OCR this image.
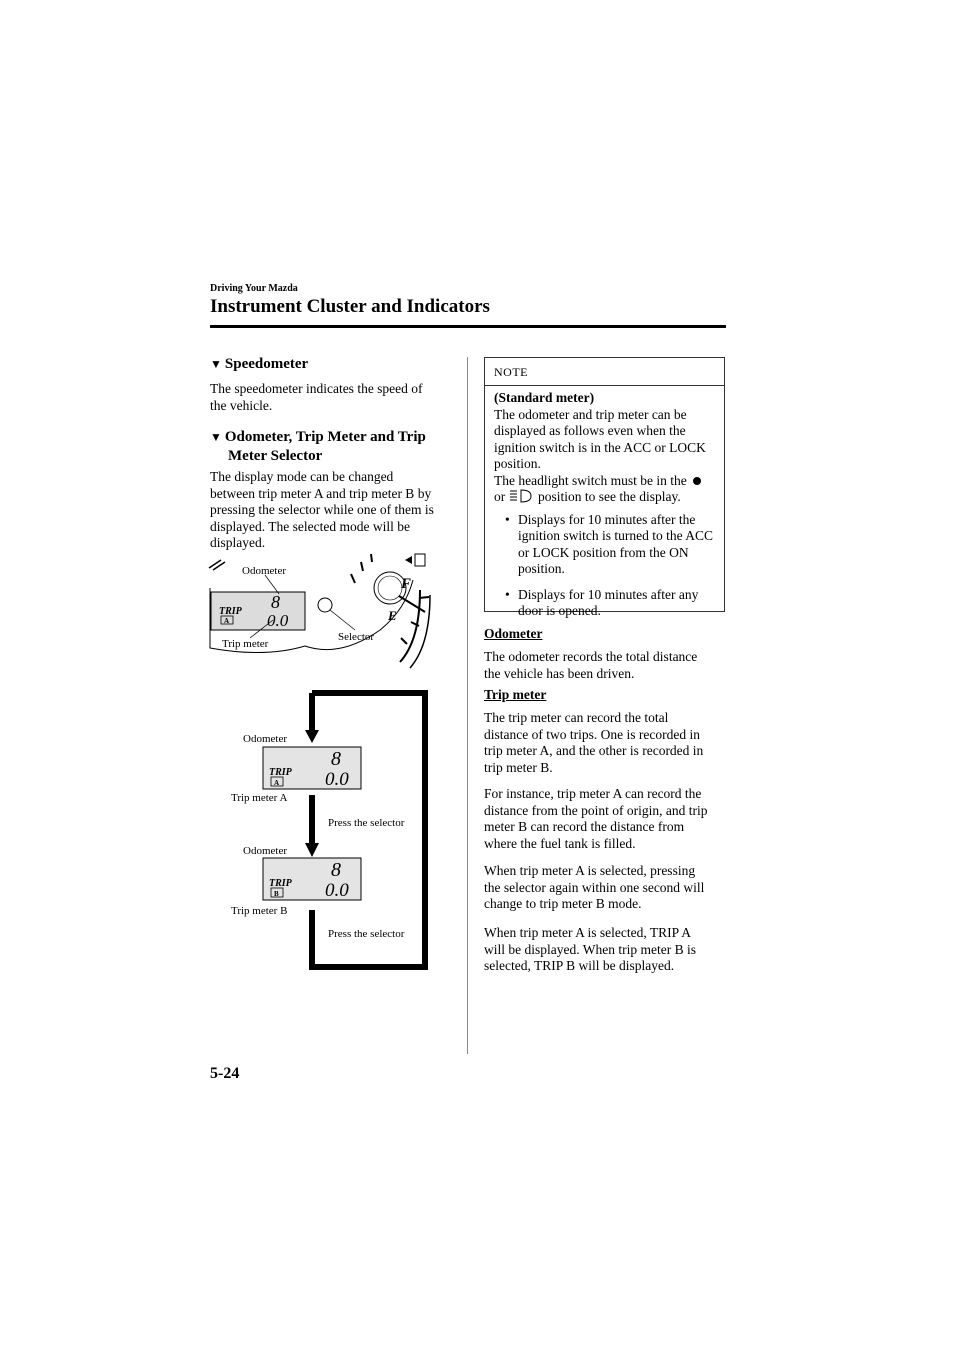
Driving Your Mazda
Instrument Cluster and Indicators
▼ Speedometer
The speedometer indicates the speed of
the vehicle.
▼ Odometer, Trip Meter and Trip
Meter Selector
The display mode can be changed
between trip meter A and trip meter B by
pressing the selector while one of them is
displayed. The selected mode will be
displayed.
TRIP
A
8
0.0
F
E
Odometer
Trip meter
Selector
TRIP
A
8
0.0
TRIP
B
8
0.0
Odometer
Trip meter A
Press the selector
Odometer
Trip meter B
Press the selector
NOTE
(Standard meter)
The odometer and trip meter can be
displayed as follows even when the
ignition switch is in the ACC or LOCK
position.
The headlight switch must be in the
or position to see the display.
• Displays for 10 minutes after the
ignition switch is turned to the ACC
or LOCK position from the ON
position.
• Displays for 10 minutes after any
door is opened.
Odometer
The odometer records the total distance
the vehicle has been driven.
Trip meter
The trip meter can record the total
distance of two trips. One is recorded in
trip meter A, and the other is recorded in
trip meter B.
For instance, trip meter A can record the
distance from the point of origin, and trip
meter B can record the distance from
where the fuel tank is filled.
When trip meter A is selected, pressing
the selector again within one second will
change to trip meter B mode.
When trip meter A is selected, TRIP A
will be displayed. When trip meter B is
selected, TRIP B will be displayed.
5-24
